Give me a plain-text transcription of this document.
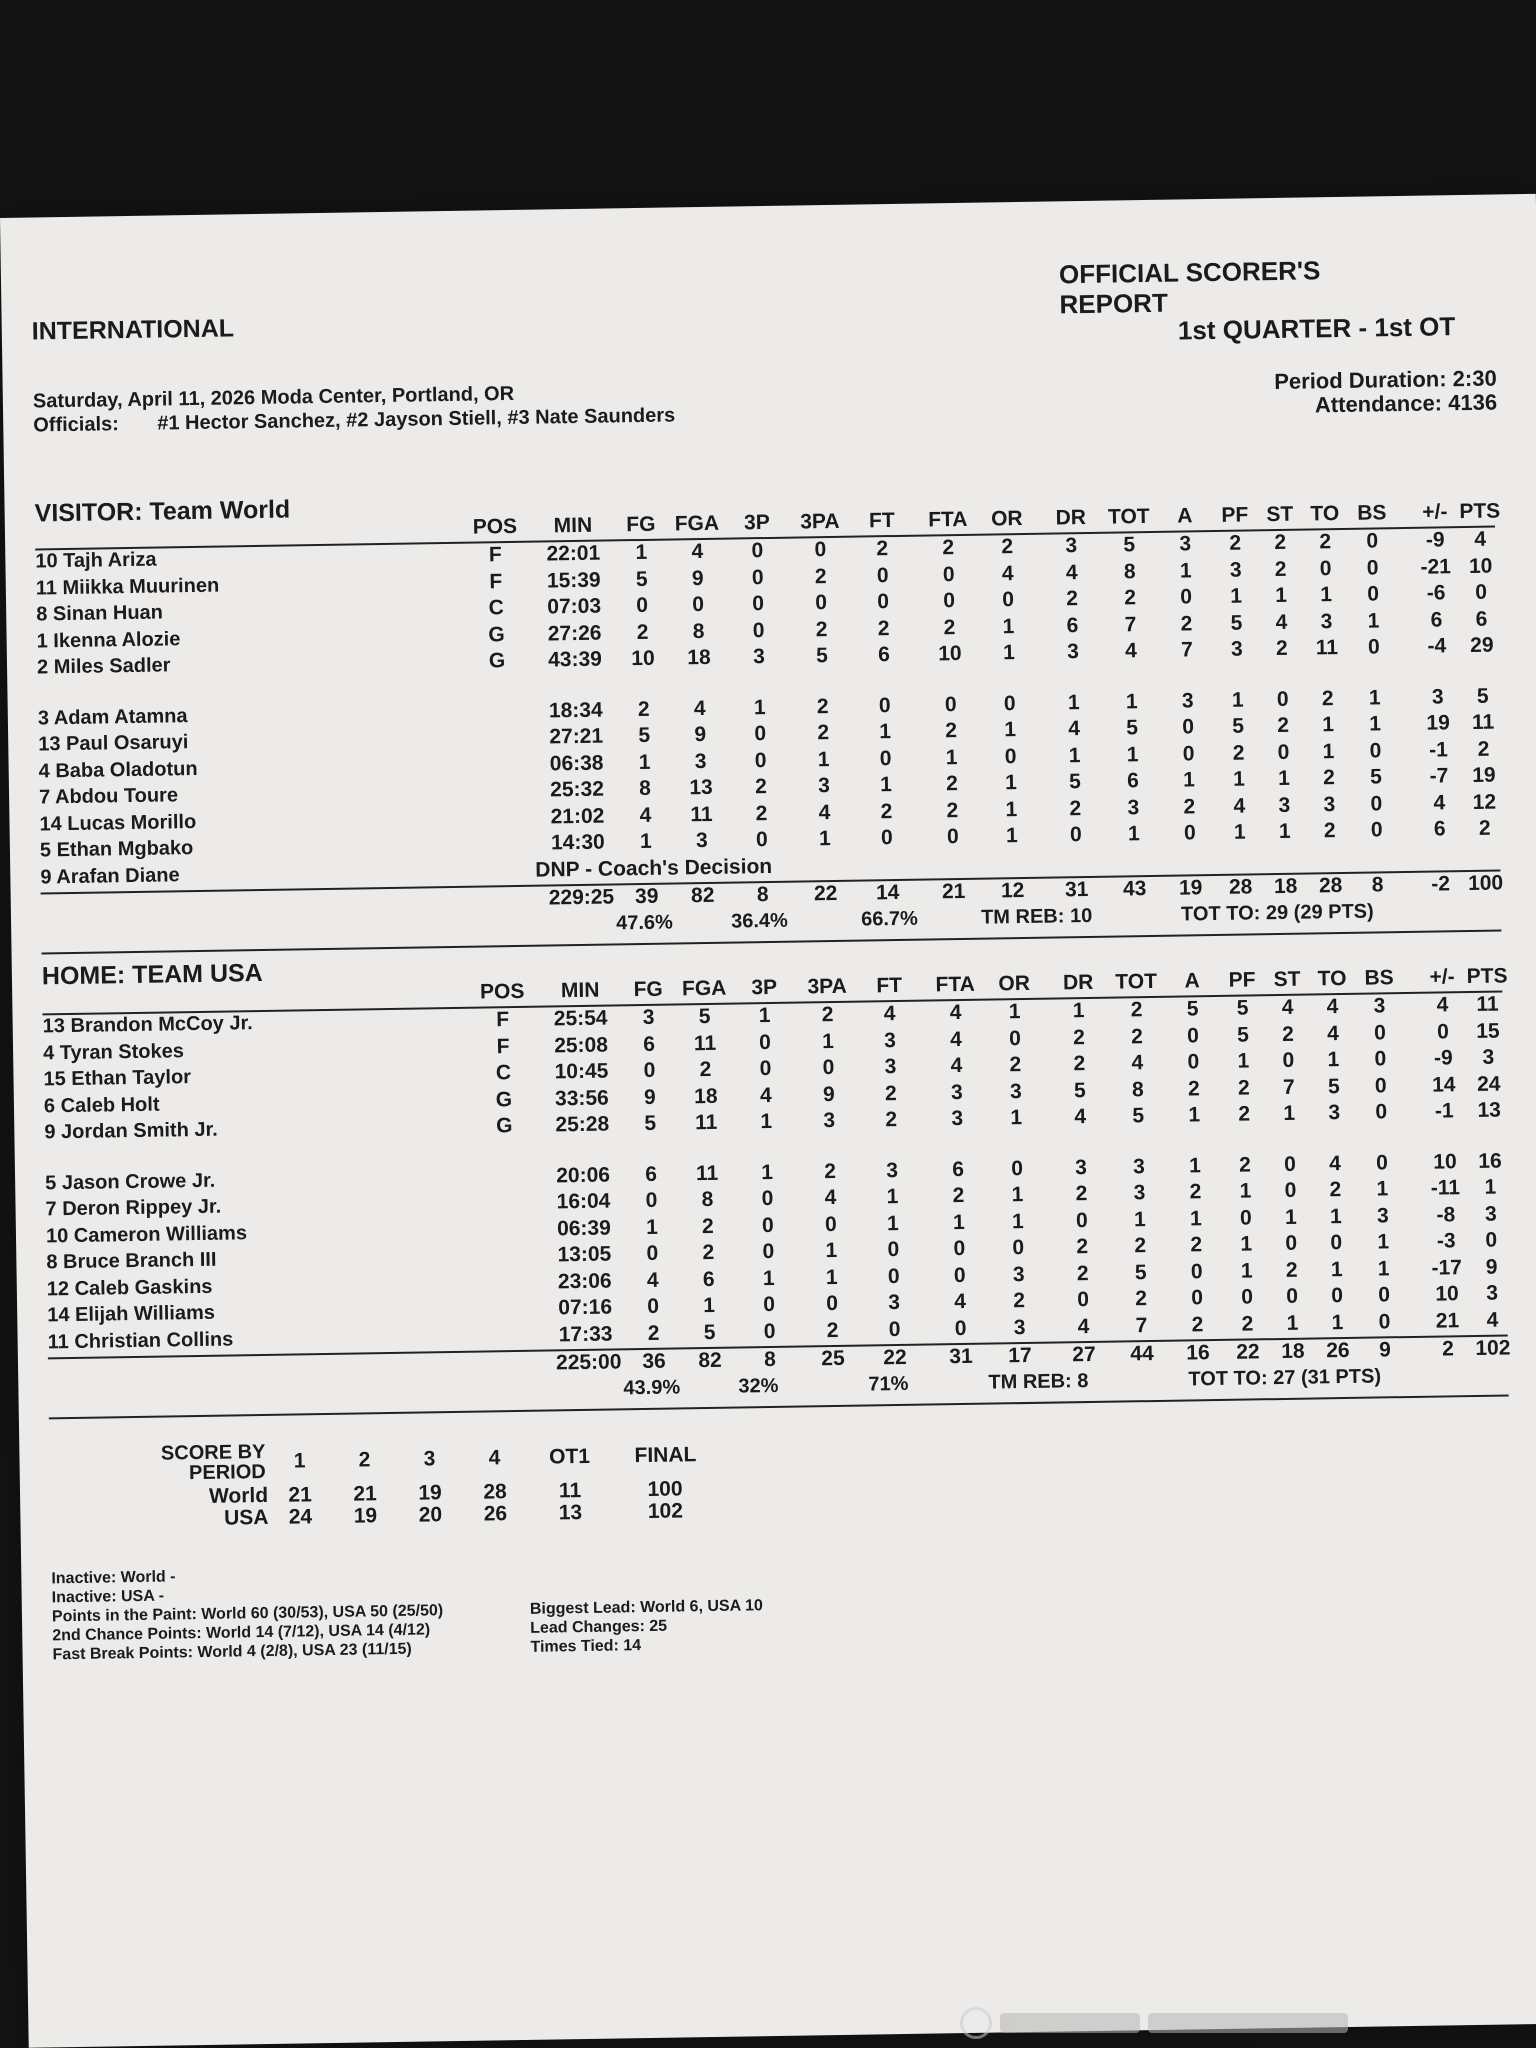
INTERNATIONAL
OFFICIAL SCORER'S
REPORT
1st QUARTER - 1st OT
Saturday, April 11, 2026 Moda Center, Portland, OR
Officials: #1 Hector Sanchez, #2 Jayson Stiell, #3 Nate Saunders
Period Duration: 2:30
Attendance: 4136
VISITOR: Team World	POS	MIN	FG FGA	3P	3PA	FT	FTA	OR	DR	TOT	A	PF ST TO BS	+/- PTS
10 Tajh Ariza	F	22:01	1	4	0	0	2	2	2	3	5	3	2	2	2	0	-9	4
11 Miikka Muurinen	F	15:39	5	9	0	2	0	0	4	4	8	1	3	2	0	0	-21 10
8 Sinan Huan	C	07:03	0	0	0	0	0	0	0	2	2	0	1	1	1	0	-6	0
1 Ikenna Alozie	G	27:26	2	8	0	2	2	2	1	6	7	2	5	4	3	1	6	6
2 Miles Sadler	G	43:39	10	18	3	5	6	10	1	3	4	7	3	2	11	0	-4	29
3 Adam Atamna	18:34	2	4	1	2	0	0	0	1	1	3	1	0	2	1	3	5
13 Paul Osaruyi	27:21	5	9	0	2	1	2	1	4	5	0	5	2	1	1	19	11
4 Baba Oladotun	06:38	1	3	0	1	0	1	0	1	1	0	2	0	1	0	-1	2
7 Abdou Toure	25:32	8	13	2	3	1	2	1	5	6	1	1	1	2	5	-7	19
14 Lucas Morillo	21:02	4	11	2	4	2	2	1	2	3	2	4	3	3	0	4	12
5 Ethan Mgbako	14:30	1	3	0	1	0	0	1	0	1	0	1	1	2	0	6	2
9 Arafan Diane	DNP - Coach's Decision
229:25 39	82	8	22	14	21	12	31	43	19	28	18	28	8	-2 100
47.6%	36.4%	66.7%	TM REB: 10	TOT TO: 29 (29 PTS)
HOME: TEAM USA
POS	MIN	FG FGA	3P	3PA	FT	FTA	OR	DR	TOT	A	PF ST TO BS	+/- PTS
13 Brandon McCoy Jr.	F	25:54	3	5	1	2	4	4	1	1	2	5	5	4	4	3	4	11
4 Tyran Stokes	F	25:08	6	11	0	1	3	4	0	2	2	0	5	2	4	0	0	15
15 Ethan Taylor	C	10:45	0	2	0	0	3	4	2	2	4	0	1	0	1	0	-9	3
6 Caleb Holt	G	33:56	9	18	4	9	2	3	3	5	8	2	2	7	5	0	14	24
9 Jordan Smith Jr.	G	25:28	5	11	1	3	2	3	1	4	5	1	2	1	3	0	-1	13
5 Jason Crowe Jr.	20:06	6	11	1	2	3	6	0	3	3	1	2	0	4	0	10	16
7 Deron Rippey Jr.	16:04	0	8	0	4	1	2	1	2	3	2	1	0	2	1	-11	1
10 Cameron Williams	06:39	1	2	0	0	1	1	1	0	1	1	0	1	1	3	-8	3
8 Bruce Branch III	13:05	0	2	0	1	0	0	0	2	2	2	1	0	0	1	-3	0
12 Caleb Gaskins	23:06	4	6	1	1	0	0	3	2	5	0	1	2	1	1	-17	9
14 Elijah Williams	07:16	0	1	0	0	3	4	2	0	2	0	0	0	0	0	10	3
11 Christian Collins	17:33	2	5	0	2	0	0	3	4	7	2	2	1	1	0	21	4
225:00 36	82	8	25	22	31	17	27	44	16	22	18	26	9	2	102
43.9%	32%	71%	TM REB: 8	TOT TO: 27 (31 PTS)
SCORE BY
PERIOD
1	2	3	4	OT1	FINAL
World 21	21	19	28	11	100
USA 24	19	20	26	13	102
Inactive: World -
Inactive: USA -
Points in the Paint: World 60 (30/53), USA 50 (25/50)
2nd Chance Points: World 14 (7/12), USA 14 (4/12)
Fast Break Points: World 4 (2/8), USA 23 (11/15)
Biggest Lead: World 6, USA 10
Lead Changes: 25
Times Tied: 14
